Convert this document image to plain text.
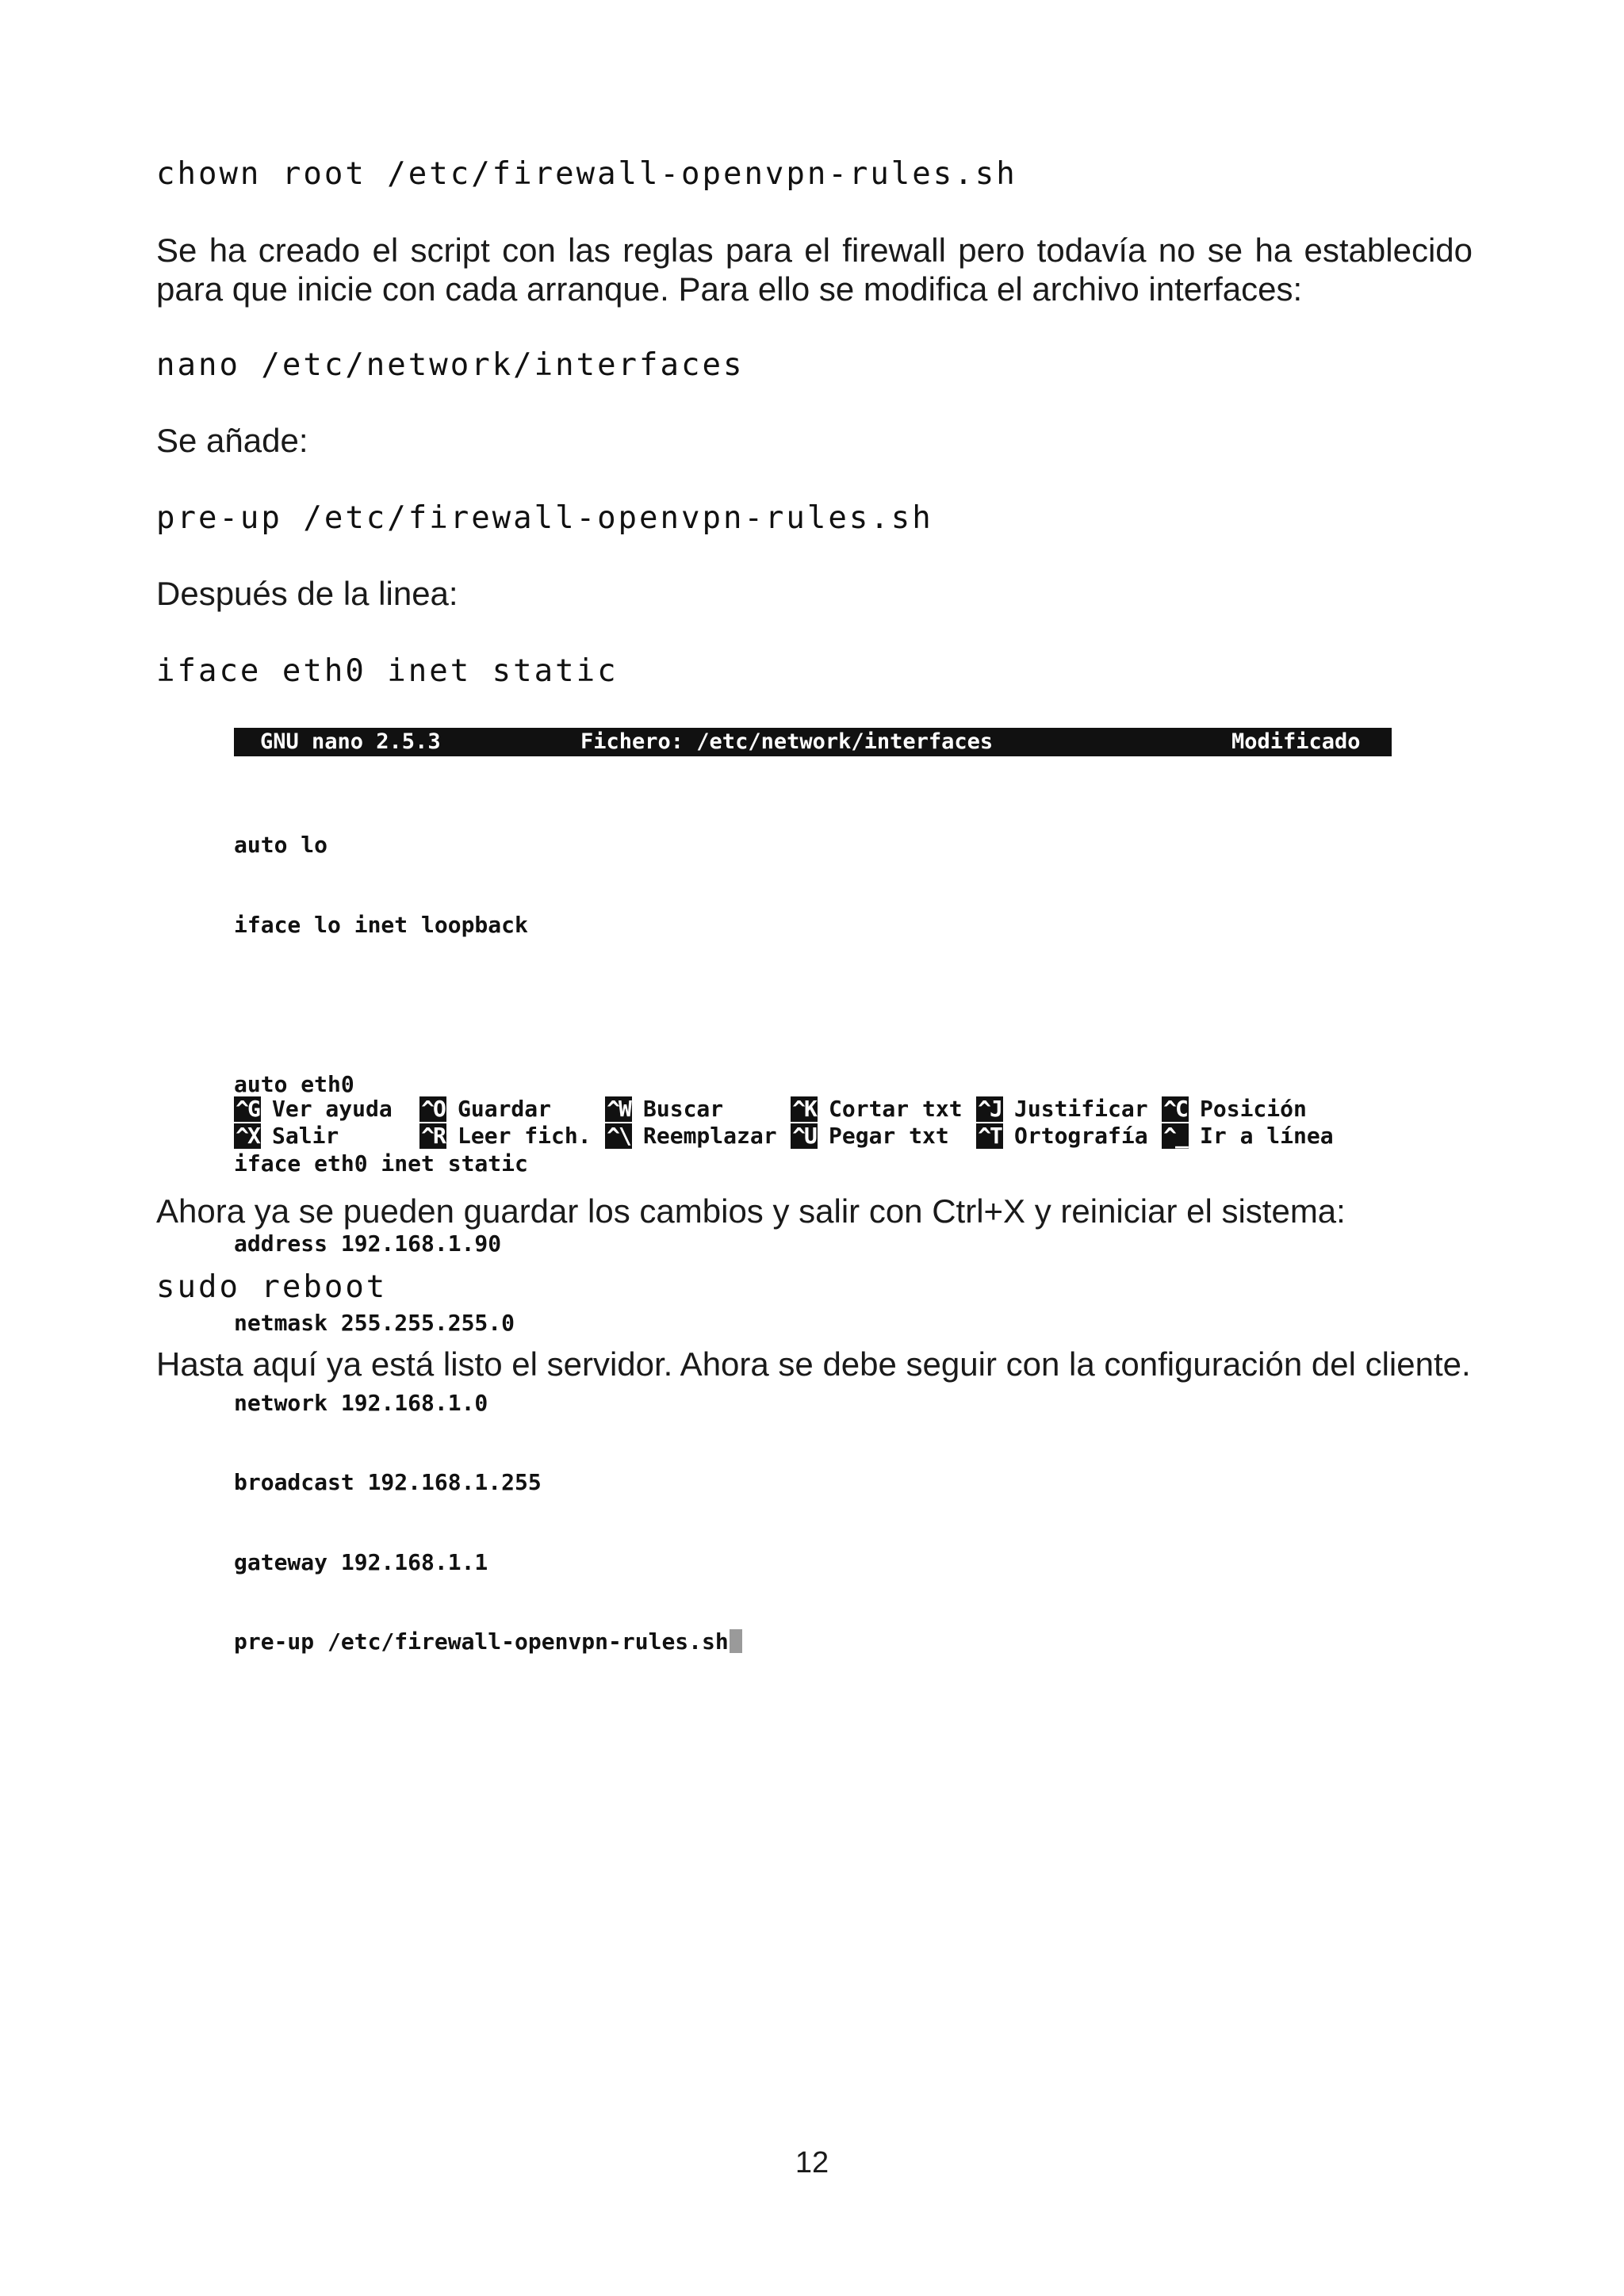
chown root /etc/firewall-openvpn-rules.sh
Se ha creado el script con las reglas para el firewall pero todavía no se ha establecido para que inicie con cada arranque. Para ello se modifica el archivo interfaces:
nano /etc/network/interfaces
Se añade:
pre-up /etc/firewall-openvpn-rules.sh
Después de la linea:
iface eth0 inet static

GNU nano 2.5.3

	Fichero: /etc/network/interfaces

	Modificado

auto lo

iface lo inet loopback

auto eth0

iface eth0 inet static

address 192.168.1.90

netmask 255.255.255.0

network 192.168.1.0

broadcast 192.168.1.255

gateway 192.168.1.1

pre-up /etc/firewall-openvpn-rules.sh

^G Ver ayuda
^X Salir
^O Guardar
^R Leer fich.
^W Buscar
^\ Reemplazar
^K Cortar txt
^U Pegar txt
^J Justificar
^T Ortografía
^C Posición
^_ Ir a línea
Ahora ya se pueden guardar los cambios y salir con Ctrl+X y reiniciar el sistema:
sudo reboot
Hasta aquí ya está listo el servidor. Ahora se debe seguir con la configuración del cliente.
12
